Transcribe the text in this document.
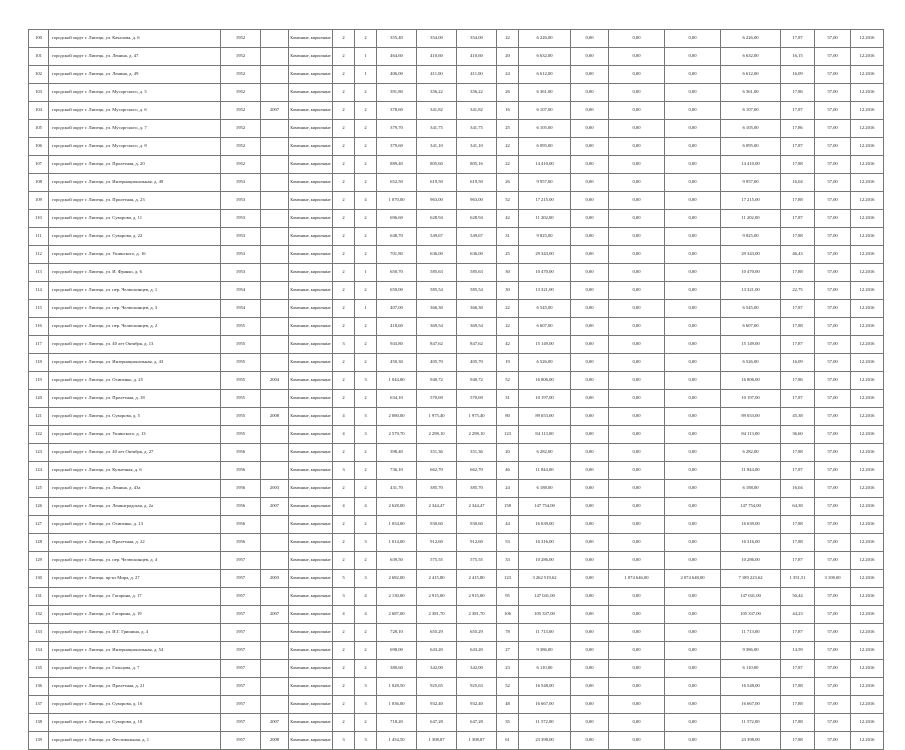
100	городской округ г. Липецк, ул. Качалова, д. 6	1952		Каменные, кирпичные	2	2	355,40	354,00	354,00	22	6 226,00	0,00	0,00	0,00	6 226,00	17,87	57,00	12.2016
101	городской округ г. Липецк, ул. Ленина, д. 47	1952		Каменные, кирпичные	2	1	464,60	410,60	410,60	20	6 632,00	0,00	0,00	0,00	6 632,00	16,15	57,00	12.2016
102	городской округ г. Липецк, ул. Ленина, д. 49	1952		Каменные, кирпичные	2	1	406,00	411,00	411,00	24	6 612,00	0,00	0,00	0,00	6 612,00	16,09	57,00	12.2016
103	городской округ г. Липецк, ул. Мусоргского, д. 5	1952		Каменные, кирпичные	2	2	391,80	356,22	356,22	26	6 361,00	0,00	0,00	0,00	6 361,00	17,86	57,00	12.2016
104	городской округ г. Липецк, ул. Мусоргского, д. 6	1952	2007	Каменные, кирпичные	2	2	378,60	341,82	341,82	16	6 107,00	0,00	0,00	0,00	6 107,00	17,87	57,00	12.2016
105	городской округ г. Липецк, ул. Мусоргского, д. 7	1952		Каменные, кирпичные	2	2	379,70	341,75	341,75	25	6 105,00	0,00	0,00	0,00	6 105,00	17,86	57,00	12.2016
106	городской округ г. Липецк, ул. Мусоргского, д. 8	1952		Каменные, кирпичные	2	2	379,60	341,10	341,10	22	6 095,00	0,00	0,00	0,00	6 095,00	17,87	57,00	12.2016
107	городской округ г. Липецк, ул. Пролетная, д. 20	1952		Каменные, кирпичные	2	2	889,40	805,60	805,16	22	14 410,00	0,00	0,00	0,00	14 410,00	17,88	57,00	12.2016
108	городской округ г. Липецк, ул. Интернациональная, д. 49	1953		Каменные, кирпичные	2	2	652,50	619,50	619,50	26	9 957,00	0,00	0,00	0,00	9 957,00	16,04	57,00	12.2016
109	городской округ г. Липецк, ул. Пролетная, д. 23	1953		Каменные, кирпичные	2	4	1 070,00	963,00	963,00	52	17 215,00	0,00	0,00	0,00	17 215,00	17,88	57,00	12.2016
110	городской округ г. Липецк, ул. Суворова, д. 11	1953		Каменные, кирпичные	2	2	696,60	628,94	628,94	42	11 202,00	0,00	0,00	0,00	11 202,00	17,87	57,00	12.2016
111	городской округ г. Липецк, ул. Суворова, д. 22	1953		Каменные, кирпичные	2	2	648,70	549,67	549,67	31	9 825,00	0,00	0,00	0,00	9 825,00	17,88	57,00	12.2016
112	городской округ г. Липецк, ул. Ушинского, д. 16	1953		Каменные, кирпичные	2	2	701,80	636,00	636,00	25	29 343,00	0,00	0,00	0,00	29 343,00	46,43	57,00	12.2016
113	городской округ г. Липецк, ул. И. Франко, д. 6	1953		Каменные, кирпичные	2	1	650,70	585,63	585,63	30	10 470,00	0,00	0,00	0,00	10 470,00	17,88	57,00	12.2016
114	городской округ г. Липецк, ул. пер. Челюскинцев, д. 1	1954		Каменные, кирпичные	2	2	650,00	585,54	585,54	30	13 321,00	0,00	0,00	0,00	13 321,00	22,75	57,00	12.2016
115	городской округ г. Липецк, ул. пер. Челюскинцев, д. 3	1954		Каменные, кирпичные	2	1	407,00	366,30	366,30	22	6 545,00	0,00	0,00	0,00	6 545,00	17,87	57,00	12.2016
116	городской округ г. Липецк, ул. пер. Челюскинцев, д. 2	1955		Каменные, кирпичные	2	2	418,60	369,54	369,54	22	6 607,00	0,00	0,00	0,00	6 607,00	17,88	57,00	12.2016
117	городской округ г. Липецк, ул. 40 лет Октября, д. 13	1955		Каменные, кирпичные	3	2	943,80	847,62	847,62	42	15 149,00	0,00	0,00	0,00	15 149,00	17,87	57,00	12.2016
118	городской округ г. Липецк, ул. Интернациональная, д. 43	1955		Каменные, кирпичные	2	2	450,30	405,70	405,70	19	6 526,00	0,00	0,00	0,00	6 526,00	16,09	57,00	12.2016
119	городской округ г. Липецк, ул. Осипенко, д. 25	1955	2004	Каменные, кирпичные	2	3	1 044,80	940,72	940,72	52	16 806,00	0,00	0,00	0,00	16 806,00	17,86	57,00	12.2016
120	городской округ г. Липецк, ул. Пролетная, д. 18	1955		Каменные, кирпичные	2	2	634,10	570,69	570,69	31	10 197,00	0,00	0,00	0,00	10 197,00	17,87	57,00	12.2016
121	городской округ г. Липецк, ул. Суворова, д. 5	1955	2008	Каменные, кирпичные	4	3	2 080,00	1 975,40	1 975,40	80	89 653,00	0,00	0,00	0,00	89 653,00	45,38	57,00	12.2016
122	городской округ г. Липецк, ул. Ушинского, д. 13	1955		Каменные, кирпичные	4	3	2 579,70	2 298,10	2 298,10	123	84 113,00	0,00	0,00	0,00	84 113,00	36,60	57,00	12.2016
123	городской округ г. Липецк, ул. 40 лет Октября, д. 27	1956		Каменные, кирпичные	2	2	398,40	351,36	351,36	20	6 282,00	0,00	0,00	0,00	6 282,00	17,88	57,00	12.2016
124	городской округ г. Липецк, ул. Кузнечная, д. 6	1956		Каменные, кирпичные	3	2	736,10	662,70	662,70	46	11 844,00	0,00	0,00	0,00	11 844,00	17,87	57,00	12.2016
125	городской округ г. Липецк, ул. Ленина, д. 43а	1956	2003	Каменные, кирпичные	2	2	431,70	385,70	385,70	24	6 188,00	0,00	0,00	0,00	6 188,00	16,04	57,00	12.2016
126	городской округ г. Липецк, ул. Ленинградская, д. 2а	1956	2007	Каменные, кирпичные	4	4	2 628,00	2 344,47	2 344,47	158	147 754,00	0,00	0,00	0,00	147 754,00	64,38	57,00	12.2016
127	городской округ г. Липецк, ул. Осипенко, д. 13	1956		Каменные, кирпичные	2	2	1 054,00	930,60	930,60	44	16 639,00	0,00	0,00	0,00	16 639,00	17,88	57,00	12.2016
128	городской округ г. Липецк, ул. Пролетная, д. 22	1956		Каменные, кирпичные	2	3	1 014,00	912,60	912,60	53	16 316,00	0,00	0,00	0,00	16 316,00	17,88	57,00	12.2016
129	городской округ г. Липецк, ул. пер. Челюскинцев, д. 4	1957		Каменные, кирпичные	2	2	639,50	575,55	575,55	33	10 286,00	0,00	0,00	0,00	10 286,00	17,87	57,00	12.2016
130	городской округ г. Липецк, пр-кт Мира, д. 27	1957	2003	Каменные, кирпичные	5	3	2 682,00	2 415,80	2 415,80	123	3 262 519,62	0,00	1 074 646,00	2 074 648,00	7 189 223,62	1 351,51	3 108,00	12.2016
131	городской округ г. Липецк, ул. Гагарина, д. 17	1957		Каменные, кирпичные	3	4	2 130,00	2 915,00	2 915,00	95	147 041,00	0,00	0,00	0,00	147 041,00	50,44	57,00	12.2016
132	городской округ г. Липецк, ул. Гагарина, д. 19	1957	2007	Каменные, кирпичные	4	4	2 687,00	2 381,70	2 381,70	106	105 337,00	0,00	0,00	0,00	105 337,00	44,23	57,00	12.2016
133	городской округ г. Липецк, ул. И.Г. Гришина, д. 4	1957		Каменные, кирпичные	2	2	728,10	655,29	655,29	78	11 713,00	0,00	0,00	0,00	11 713,00	17,87	57,00	12.2016
134	городской округ г. Липецк, ул. Интернациональная, д. 54	1957		Каменные, кирпичные	2	2	698,00	643,20	643,20	27	9 386,00	0,00	0,00	0,00	9 386,00	14,59	57,00	12.2016
135	городской округ г. Липецк, ул. Гальцова, д. 7	1957		Каменные, кирпичные	2	2	380,60	342,00	342,00	23	6 110,00	0,00	0,00	0,00	6 110,00	17,87	57,00	12.2016
136	городской округ г. Липецк, ул. Пролетная, д. 21	1957		Каменные, кирпичные	2	3	1 028,50	925,65	925,63	52	16 548,00	0,00	0,00	0,00	16 548,00	17,88	57,00	12.2016
137	городской округ г. Липецк, ул. Суворова, д. 16	1957		Каменные, кирпичные	2	3	1 036,00	932,40	932,40	48	16 667,00	0,00	0,00	0,00	16 667,00	17,88	57,00	12.2016
138	городской округ г. Липецк, ул. Суворова, д. 18	1957	2007	Каменные, кирпичные	2	2	718,20	647,28	647,28	35	11 572,00	0,00	0,00	0,00	11 572,00	17,88	57,00	12.2016
139	городской округ г. Липецк, ул. Фестивальная, д. 1	1957	2008	Каменные, кирпичные	3	3	1 454,50	1 308,87	1 308,87	61	23 398,00	0,00	0,00	0,00	23 398,00	17,88	57,00	12.2016
